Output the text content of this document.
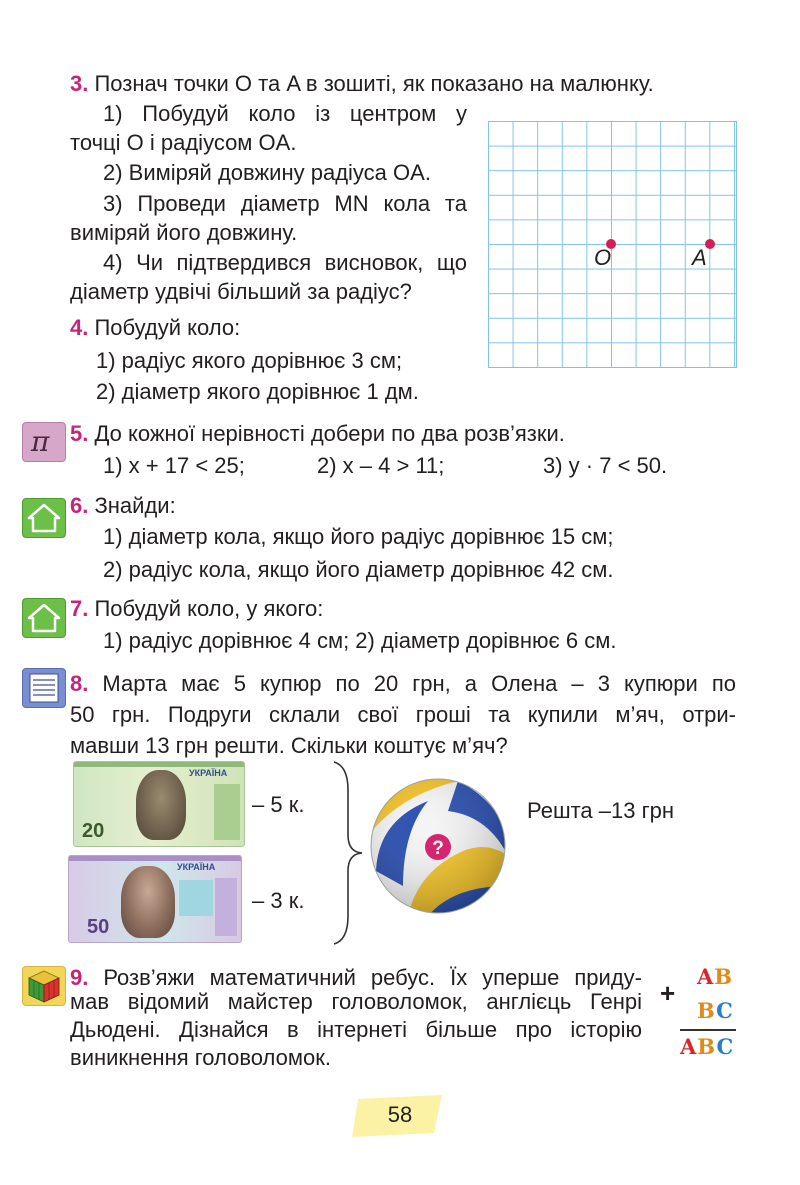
3. Познач точки O та A в зошиті, як показано на малюнку.
1) Побудуй коло із центром у
точці O і радіусом OA.
2) Виміряй довжину радіуса OA.
3) Проведи діаметр MN кола та
виміряй його довжину.
4) Чи підтвердився висновок, що
діаметр удвічі більший за радіус?
O	A
4. Побудуй коло:
1) радіус якого дорівнює 3 см;
2) діаметр якого дорівнює 1 дм.
π 5. До кожної нерівності добери по два розв’язки.
1) x + 17 < 25;	2) x – 4 > 11;	3) y · 7 < 50.
6. Знайди:
1) діаметр кола, якщо його радіус дорівнює 15 см;
2) радіус кола, якщо його діаметр дорівнює 42 см.
7. Побудуй коло, у якого:
1) радіус дорівнює 4 см; 2) діаметр дорівнює 6 см.
8. Марта має 5 купюр по 20 грн, а Олена – 3 купюри по
50 грн. Подруги склали свої гроші та купили м’яч, отри-
мавши 13 грн решти. Скільки коштує м’яч?
20
УКРАЇНА
– 5 к.
50
УКРАЇНА
– 3 к.
?
Решта –13 грн
9. Розв’яжи математичний ребус. Їх уперше приду-
мав відомий майстер головоломок, англієць Генрі
Дьюдені. Дізнайся в інтернеті більше про історію
виникнення головоломок.
+
AB
BC
ABC
58
